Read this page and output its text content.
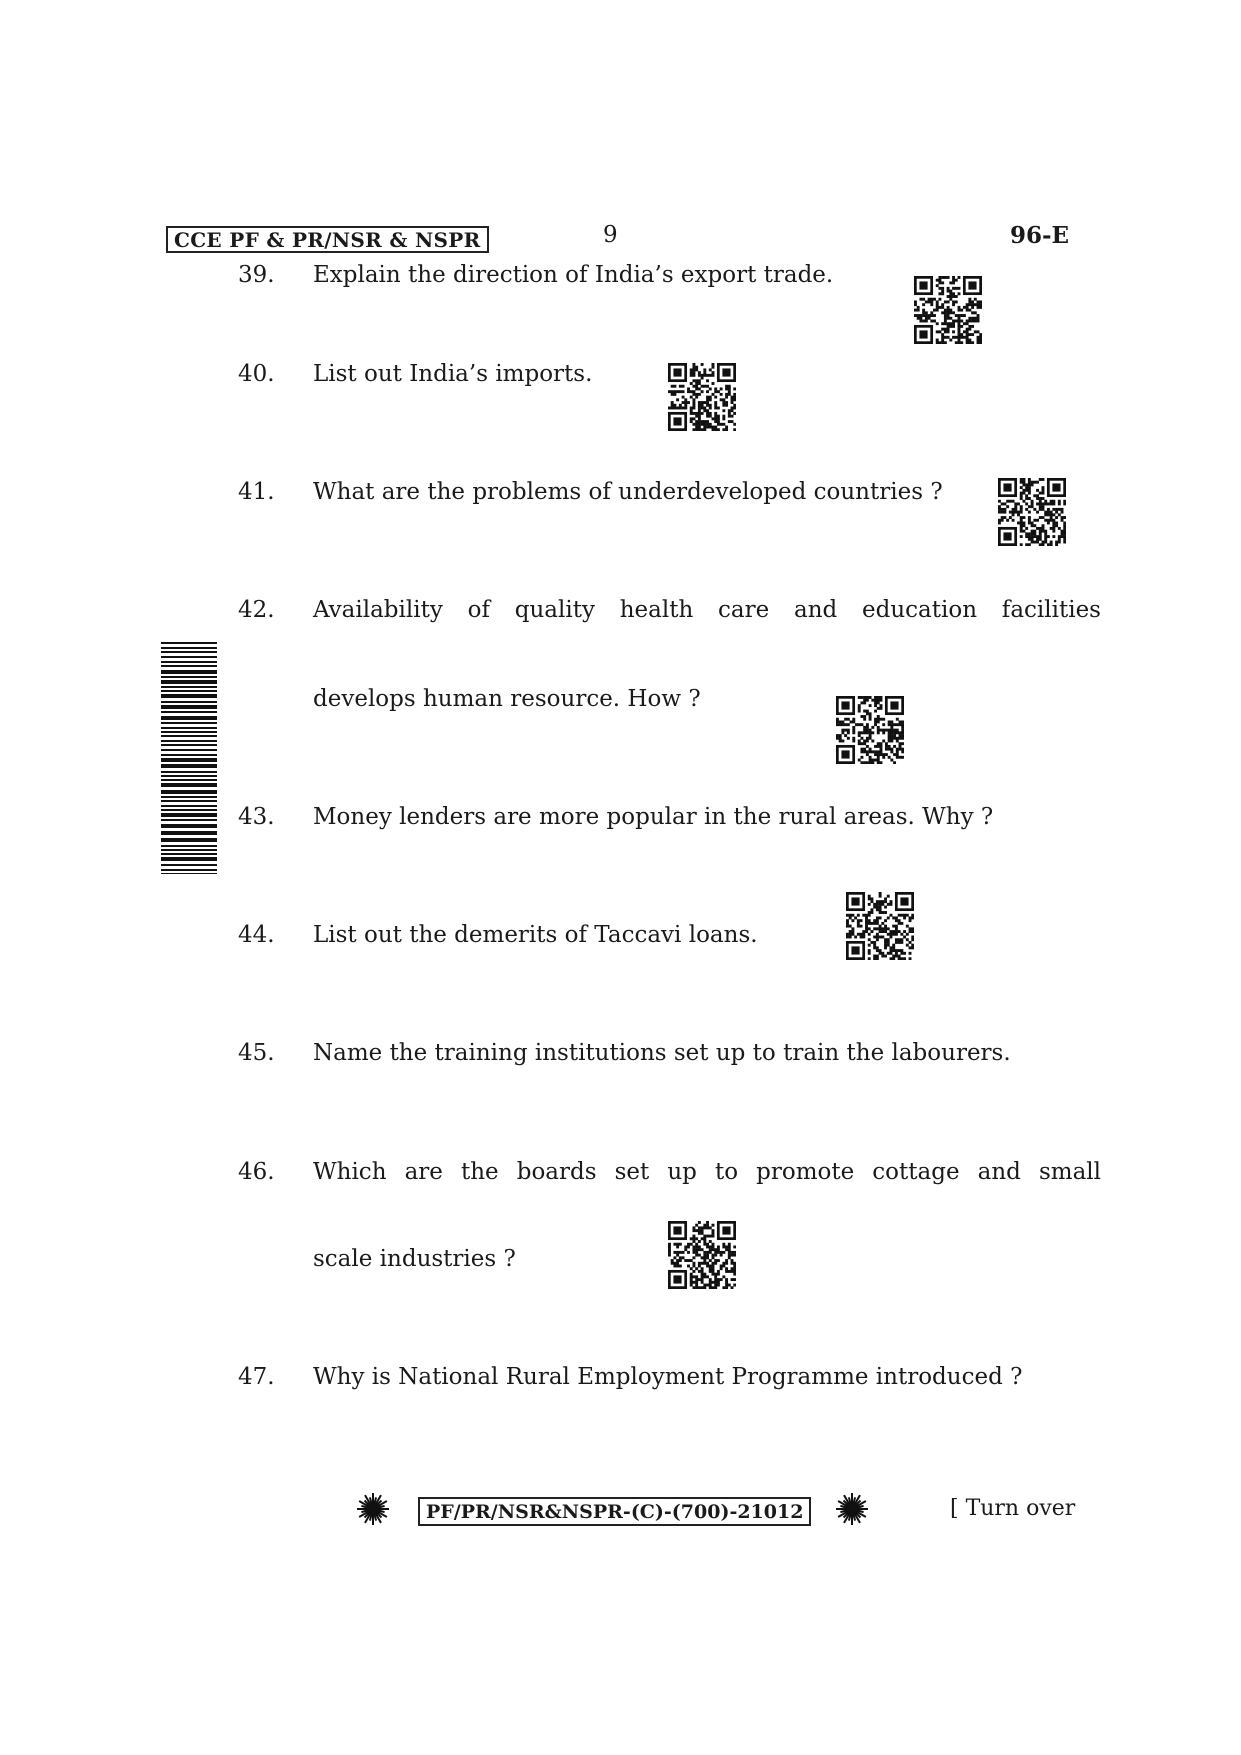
CCE PF & PR/NSR & NSPR	9	96-E
39.	Explain the direction of India’s export trade.
40.	List out India’s imports.
41.	What are the problems of underdeveloped countries ?
42.	Availability of quality health care and education facilities
develops human resource. How ?
43.	Money lenders are more popular in the rural areas. Why ?
44.	List out the demerits of Taccavi loans.
45.	Name the training institutions set up to train the labourers.
46.	Which are the boards set up to promote cottage and small
scale industries ?
47.	Why is National Rural Employment Programme introduced ?
PF/PR/NSR&NSPR-(C)-(700)-21012	[ Turn over
